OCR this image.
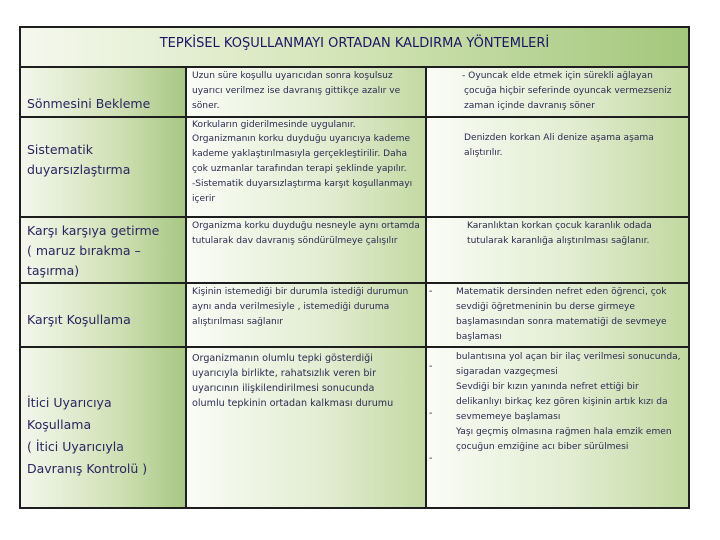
TEPKİSEL KOŞULLANMAYI ORTADAN KALDIRMA YÖNTEMLERİ
Sönmesini Bekleme
Uzun süre koşullu uyarıcıdan sonra koşulsuz
uyarıcı verilmez ise davranış gittikçe azalır ve
söner.
- Oyuncak elde etmek için sürekli ağlayan
çocuğa hiçbir seferinde oyuncak vermezseniz
zaman içinde davranış söner
Sistematik
duyarsızlaştırma
Korkuların giderilmesinde uygulanır.
Organizmanın korku duyduğu uyarıcıya kademe
kademe yaklaştırılmasıyla gerçekleştirilir. Daha
çok uzmanlar tarafından terapi şeklinde yapılır.
-Sistematik duyarsızlaştırma karşıt koşullanmayı
içerir
Denizden korkan Ali denize aşama aşama
alıştırılır.
Karşı karşıya getirme
( maruz bırakma –
taşırma)
Organizma korku duyduğu nesneyle aynı ortamda
tutularak dav davranış söndürülmeye çalışılır
Karanlıktan korkan çocuk karanlık odada
tutularak karanlığa alıştırılması sağlanır.
Karşıt Koşullama
Kişinin istemediği bir durumla istediği durumun
aynı anda verilmesiyle , istemediği duruma
alıştırılması sağlanır
-	Matematik dersinden nefret eden öğrenci, çok
sevdiği öğretmeninin bu derse girmeye
başlamasından sonra matematiği de sevmeye
başlaması
İtici Uyarıcıya
Koşullama
( İtici Uyarıcıyla
Davranış Kontrolü )
Organizmanın olumlu tepki gösterdiği
uyarıcıyla birlikte, rahatsızlık veren bir
uyarıcının ilişkilendirilmesi sonucunda
olumlu tepkinin ortadan kalkması durumu
-
-
-
bulantısına yol açan bir ilaç verilmesi sonucunda,
sigaradan vazgeçmesi
Sevdiği bir kızın yanında nefret ettiği bir
delikanlıyı birkaç kez gören kişinin artık kızı da
sevmemeye başlaması
Yaşı geçmiş olmasına rağmen hala emzik emen
çocuğun emziğine acı biber sürülmesi
